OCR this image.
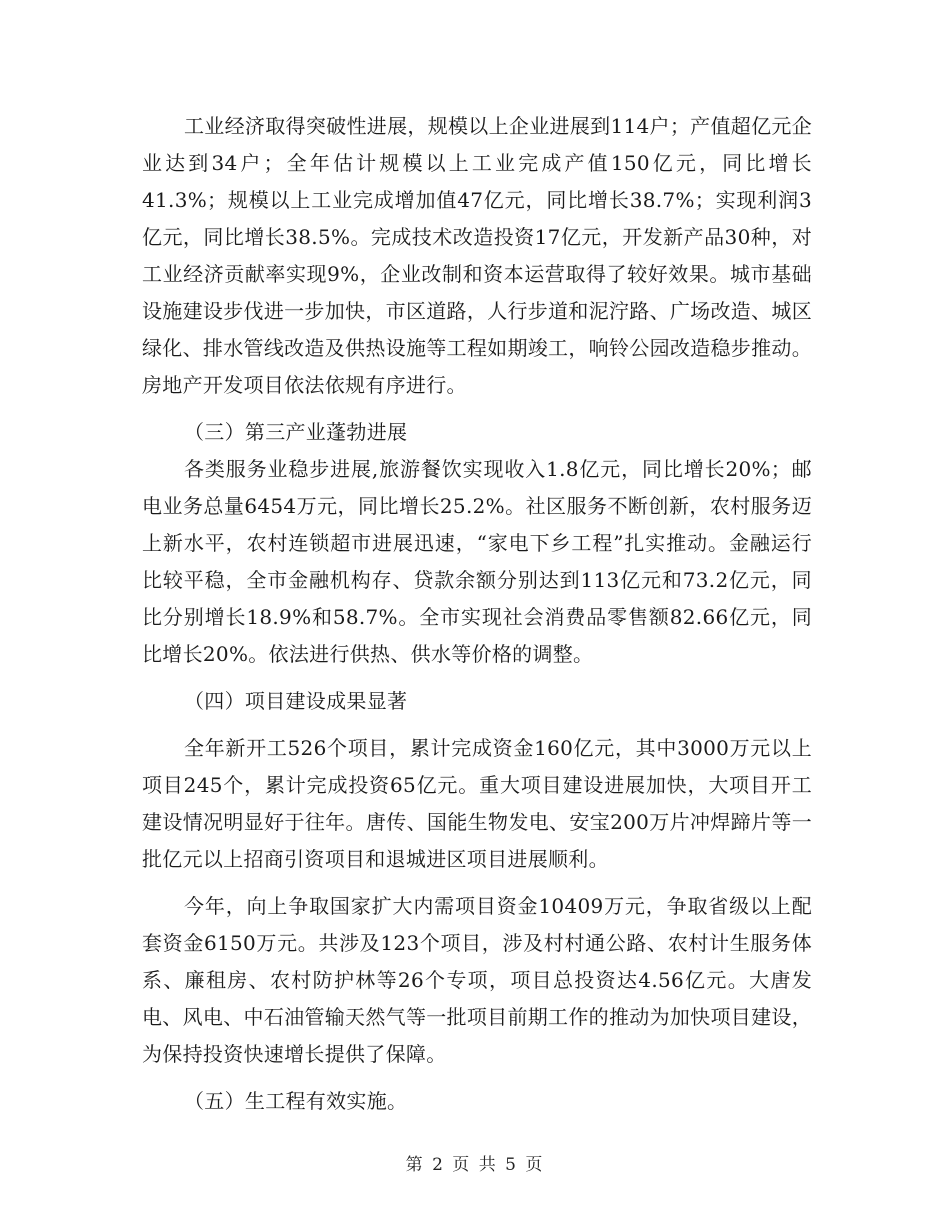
工业经济取得突破性进展，规模以上企业进展到114户；产值超亿元企业达到34户；全年估计规模以上工业完成产值150亿元，同比增长41.3%；规模以上工业完成增加值47亿元，同比增长38.7%；实现利润3亿元，同比增长38.5%。完成技术改造投资17亿元，开发新产品30种，对工业经济贡献率实现9%，企业改制和资本运营取得了较好效果。城市基础设施建设步伐进一步加快，市区道路，人行步道和泥泞路、广场改造、城区绿化、排水管线改造及供热设施等工程如期竣工，响铃公园改造稳步推动。房地产开发项目依法依规有序进行。

（三）第三产业蓬勃进展

各类服务业稳步进展,旅游餐饮实现收入1.8亿元，同比增长20%；邮电业务总量6454万元，同比增长25.2%。社区服务不断创新，农村服务迈上新水平，农村连锁超市进展迅速，“家电下乡工程”扎实推动。金融运行比较平稳，全市金融机构存、贷款余额分别达到113亿元和73.2亿元，同比分别增长18.9%和58.7%。全市实现社会消费品零售额82.66亿元，同比增长20%。依法进行供热、供水等价格的调整。

（四）项目建设成果显著

全年新开工526个项目，累计完成资金160亿元，其中3000万元以上项目245个，累计完成投资65亿元。重大项目建设进展加快，大项目开工建设情况明显好于往年。唐传、国能生物发电、安宝200万片冲焊蹄片等一批亿元以上招商引资项目和退城进区项目进展顺利。

今年，向上争取国家扩大内需项目资金10409万元，争取省级以上配套资金6150万元。共涉及123个项目，涉及村村通公路、农村计生服务体系、廉租房、农村防护林等26个专项，项目总投资达4.56亿元。大唐发电、风电、中石油管输天然气等一批项目前期工作的推动为加快项目建设，为保持投资快速增长提供了保障。

（五）生工程有效实施。

第 2 页 共 5 页
